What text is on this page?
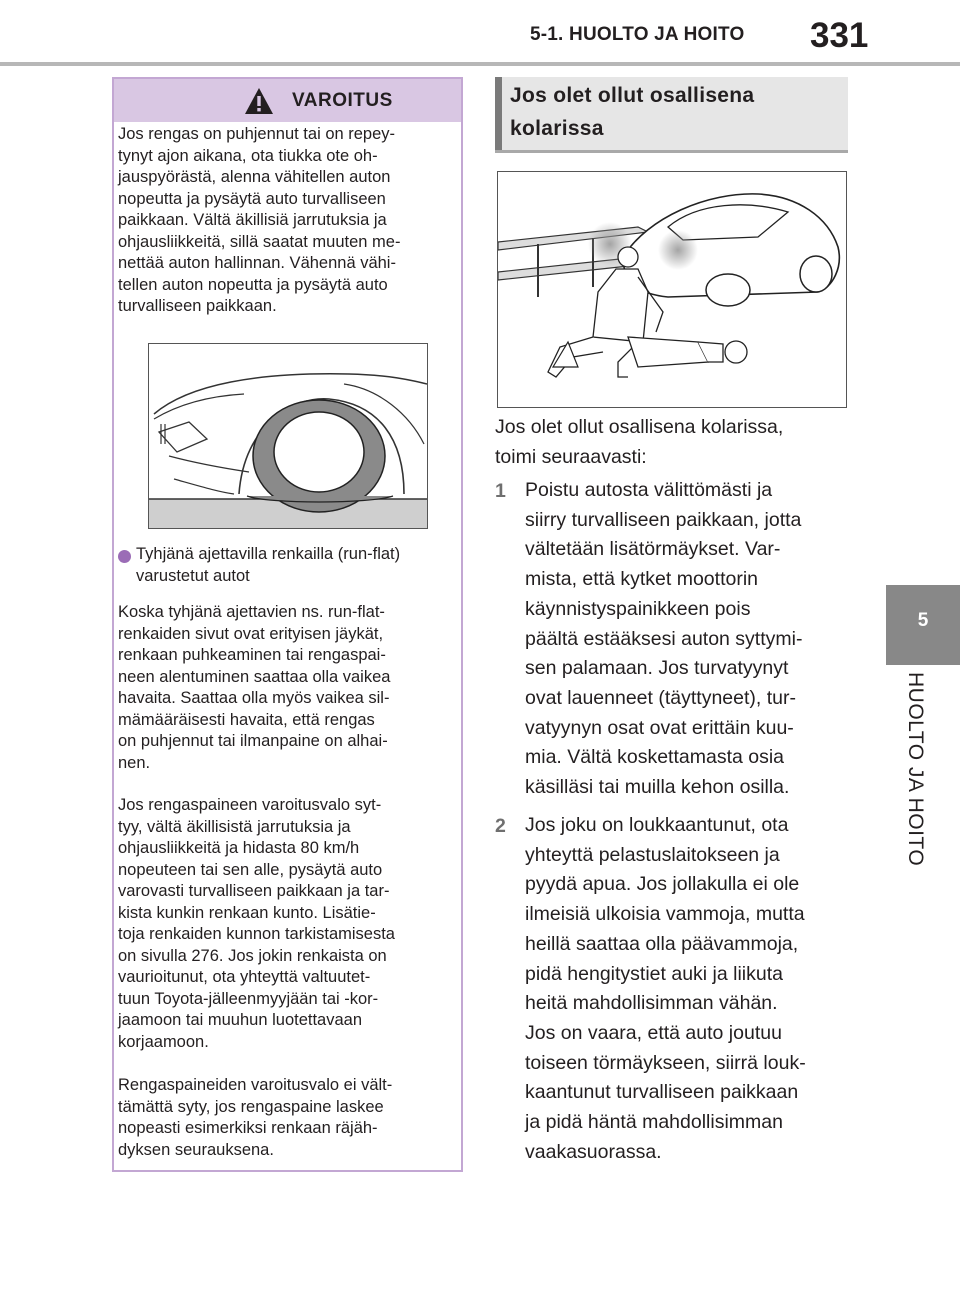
5-1. HUOLTO JA HOITO	331
5
HUOLTO JA HOITO
VAROITUS

Jos rengas on puhjennut tai on repey-
tynyt ajon aikana, ota tiukka ote oh-
jauspyörästä, alenna vähitellen auton
nopeutta ja pysäytä auto turvalliseen
paikkaan. Vältä äkillisiä jarrutuksia ja
ohjausliikkeitä, sillä saatat muuten me-
nettää auton hallinnan. Vähennä vähi-
tellen auton nopeutta ja pysäytä auto
turvalliseen paikkaan.

Tyhjänä ajettavilla renkailla (run-flat)
varustetut autot

Koska tyhjänä ajettavien ns. run-flat-
renkaiden sivut ovat erityisen jäykät,
renkaan puhkeaminen tai rengaspai-
neen alentuminen saattaa olla vaikea
havaita. Saattaa olla myös vaikea sil-
mämääräisesti havaita, että rengas
on puhjennut tai ilmanpaine on alhai-
nen.

Jos rengaspaineen varoitusvalo syt-
tyy, vältä äkillisistä jarrutuksia ja
ohjausliikkeitä ja hidasta 80 km/h
nopeuteen tai sen alle, pysäytä auto
varovasti turvalliseen paikkaan ja tar-
kista kunkin renkaan kunto. Lisätie-
toja renkaiden kunnon tarkistamisesta
on sivulla 276. Jos jokin renkaista on
vaurioitunut, ota yhteyttä valtuutet-
tuun Toyota-jälleenmyyjään tai -kor-
jaamoon tai muuhun luotettavaan
korjaamoon.

Rengaspaineiden varoitusvalo ei vält-
tämättä syty, jos rengaspaine laskee
nopeasti esimerkiksi renkaan räjäh-
dyksen seurauksena.

Jos olet ollut osallisena
kolarissa

Jos olet ollut osallisena kolarissa,
toimi seuraavasti:

1 Poistu autosta välittömästi ja
siirry turvalliseen paikkaan, jotta
vältetään lisätörmäykset. Var-
mista, että kytket moottorin
käynnistyspainikkeen pois
päältä estääksesi auton syttymi-
sen palamaan. Jos turvatyynyt
ovat lauenneet (täyttyneet), tur-
vatyynyn osat ovat erittäin kuu-
mia. Vältä koskettamasta osia
käsilläsi tai muilla kehon osilla.

2 Jos joku on loukkaantunut, ota
yhteyttä pelastuslaitokseen ja
pyydä apua. Jos jollakulla ei ole
ilmeisiä ulkoisia vammoja, mutta
heillä saattaa olla päävammoja,
pidä hengitystiet auki ja liikuta
heitä mahdollisimman vähän.
Jos on vaara, että auto joutuu
toiseen törmäykseen, siirrä louk-
kaantunut turvalliseen paikkaan
ja pidä häntä mahdollisimman
vaakasuorassa.
